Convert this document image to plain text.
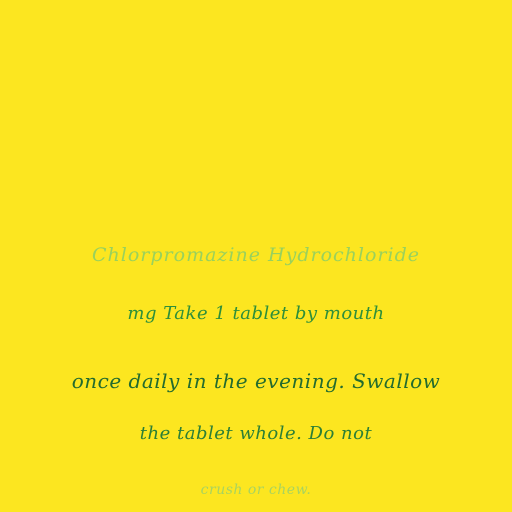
Chlorpromazine Hydrochloride
mg Take 1 tablet by mouth
once daily in the evening. Swallow
the tablet whole. Do not
crush or chew.
